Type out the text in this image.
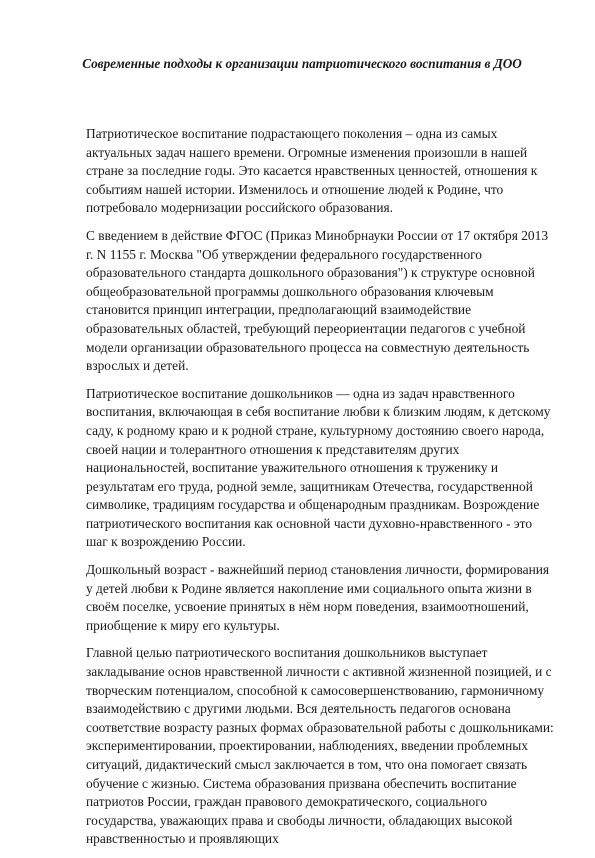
Современные подходы к организации патриотического воспитания в ДОО

Патриотическое воспитание подрастающего поколения – одна из самых актуальных задач нашего времени. Огромные изменения произошли в нашей стране за последние годы. Это касается нравственных ценностей, отношения к событиям нашей истории. Изменилось и отношение людей к Родине, что потребовало модернизации российского образования.

С введением в действие ФГОС (Приказ Минобрнауки России от 17 октября 2013 г. N 1155 г. Москва "Об утверждении федерального государственного образовательного стандарта дошкольного образования") к структуре основной общеобразовательной программы дошкольного образования ключевым становится принцип интеграции, предполагающий взаимодействие образовательных областей, требующий переориентации педагогов с учебной модели организации образовательного процесса на совместную деятельность взрослых и детей.

Патриотическое воспитание дошкольников — одна из задач нравственного воспитания, включающая в себя воспитание любви к близким людям, к детскому саду, к родному краю и к родной стране, культурному достоянию своего народа, своей нации и толерантного отношения к представителям других национальностей, воспитание уважительного отношения к труженику и результатам его труда, родной земле, защитникам Отечества, государственной символике, традициям государства и общенародным праздникам. Возрождение патриотического воспитания как основной части духовно-нравственного - это шаг к возрождению России.

Дошкольный возраст - важнейший период становления личности, формирования у детей любви к Родине является накопление ими социального опыта жизни в своём поселке, усвоение принятых в нём норм поведения, взаимоотношений, приобщение к миру его культуры.

Главной целью патриотического воспитания дошкольников выступает закладывание основ нравственной личности с активной жизненной позицией, и с творческим потенциалом, способной к самосовершенствованию, гармоничному взаимодействию с другими людьми. Вся деятельность педагогов основана соответствие возрасту разных формах образовательной работы с дошкольниками: экспериментировании, проектировании, наблюдениях, введении проблемных ситуаций, дидактический смысл заключается в том, что она помогает связать обучение с жизнью. Система образования призвана обеспечить воспитание патриотов России, граждан правового демократического, социального государства, уважающих права и свободы личности, обладающих высокой нравственностью и проявляющих
